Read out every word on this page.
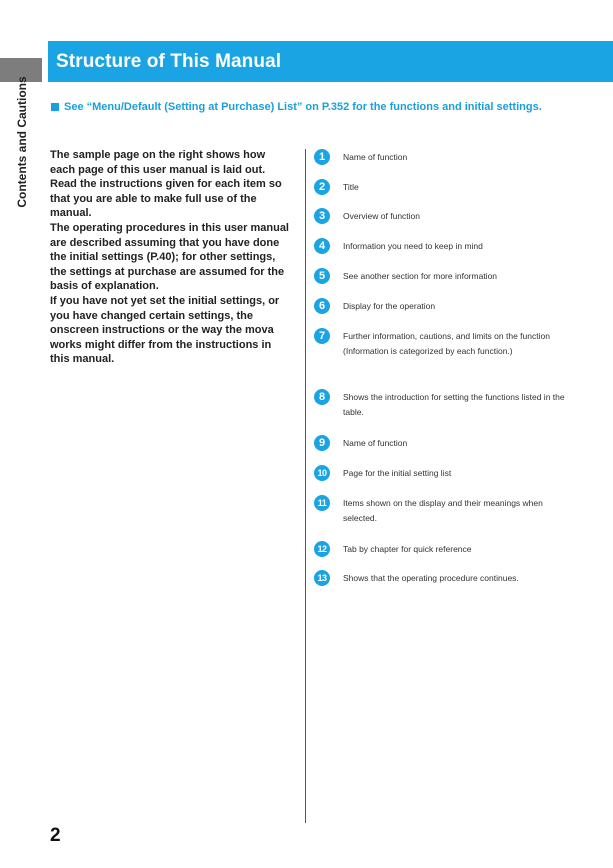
Contents and Cautions
Structure of This Manual
See “Menu/Default (Setting at Purchase) List” on P.352 for the functions and initial settings.
The sample page on the right shows how each page of this user manual is laid out. Read the instructions given for each item so that you are able to make full use of the manual.
The operating procedures in this user manual are described assuming that you have done the initial settings (P.40); for other settings, the settings at purchase are assumed for the basis of explanation.
If you have not yet set the initial settings, or you have changed certain settings, the onscreen instructions or the way the mova works might differ from the instructions in this manual.
1	Name of function
2	Title
3	Overview of function
4	Information you need to keep in mind
5	See another section for more information
6	Display for the operation
7	Further information, cautions, and limits on the function
(Information is categorized by each function.)
8	Shows the introduction for setting the functions listed in the table.
9	Name of function
10	Page for the initial setting list
11	Items shown on the display and their meanings when selected.
12	Tab by chapter for quick reference
13	Shows that the operating procedure continues.
2
